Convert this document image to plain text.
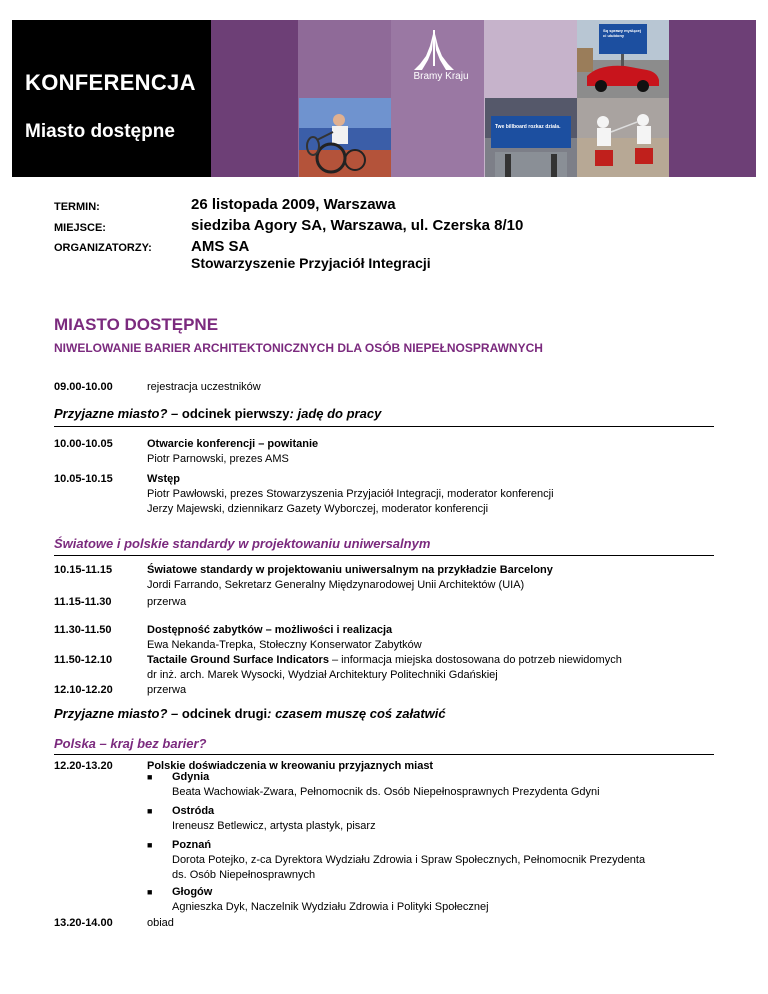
KONFERENCJA
Miasto dostępne
Bramy Kraju
Twe billboard rozkaz dziala.
Sq sprawy myślącej ci ulubiony
TERMIN:	26 listopada 2009, Warszawa
MIEJSCE:	siedziba Agory SA, Warszawa, ul. Czerska 8/10
ORGANIZATORZY:	AMS SA
Stowarzyszenie Przyjaciół Integracji
MIASTO DOSTĘPNE
NIWELOWANIE BARIER ARCHITEKTONICZNYCH DLA OSÓB NIEPEŁNOSPRAWNYCH
09.00-10.00	rejestracja uczestników
Przyjazne miasto? – odcinek pierwszy: jadę do pracy
10.00-10.05	Otwarcie konferencji – powitanie
Piotr Parnowski, prezes AMS
10.05-10.15	Wstęp
Piotr Pawłowski, prezes Stowarzyszenia Przyjaciół Integracji, moderator konferencji
Jerzy Majewski, dziennikarz Gazety Wyborczej, moderator konferencji
Światowe i polskie standardy w projektowaniu uniwersalnym
10.15-11.15	Światowe standardy w projektowaniu uniwersalnym na przykładzie Barcelony
Jordi Farrando, Sekretarz Generalny Międzynarodowej Unii Architektów (UIA)
11.15-11.30	przerwa
11.30-11.50	Dostępność zabytków – możliwości i realizacja
Ewa Nekanda-Trepka, Stołeczny Konserwator Zabytków
11.50-12.10	Tactaile Ground Surface Indicators – informacja miejska dostosowana do potrzeb niewidomych
dr inż. arch. Marek Wysocki, Wydział Architektury Politechniki Gdańskiej
12.10-12.20	przerwa
Przyjazne miasto? – odcinek drugi: czasem muszę coś załatwić
Polska – kraj bez barier?
12.20-13.20	Polskie doświadczenia w kreowaniu przyjaznych miast
■ Gdynia
Beata Wachowiak-Zwara, Pełnomocnik ds. Osób Niepełnosprawnych Prezydenta Gdyni
■ Ostróda
Ireneusz Betlewicz, artysta plastyk, pisarz
■ Poznań
Dorota Potejko, z-ca Dyrektora Wydziału Zdrowia i Spraw Społecznych, Pełnomocnik Prezydenta
ds. Osób Niepełnosprawnych
■ Głogów
Agnieszka Dyk, Naczelnik Wydziału Zdrowia i Polityki Społecznej
13.20-14.00	obiad
